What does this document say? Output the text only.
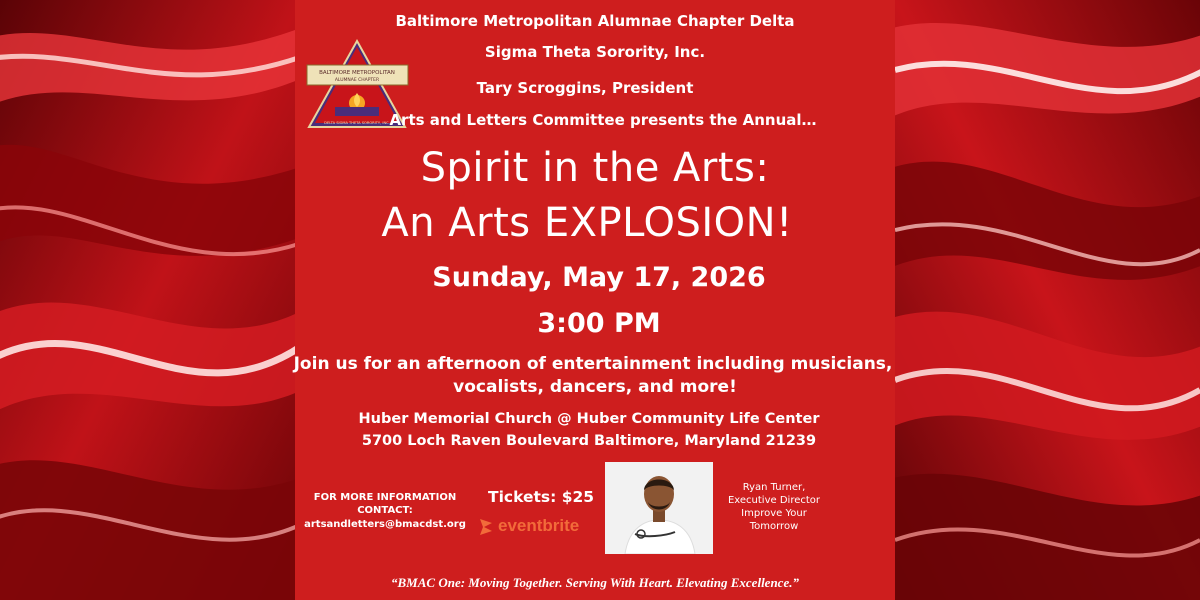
BALTIMORE METROPOLITAN
ALUMNAE CHAPTER
DELTA SIGMA THETA SORORITY, INC.
Baltimore Metropolitan Alumnae Chapter Delta
Sigma Theta Sorority, Inc.
Tary Scroggins, President
Arts and Letters Committee presents the Annual…
Spirit in the Arts:
An Arts EXPLOSION!
Sunday, May 17, 2026
3:00 PM
Join us for an afternoon of entertainment including musicians,
vocalists, dancers, and more!
Huber Memorial Church @ Huber Community Life Center
5700 Loch Raven Boulevard Baltimore, Maryland 21239
FOR MORE INFORMATION
CONTACT:
artsandletters@bmacdst.org
Tickets: $25
eventbrite
Ryan Turner,
Executive Director
Improve Your
Tomorrow
“BMAC One: Moving Together. Serving With Heart. Elevating Excellence.”
